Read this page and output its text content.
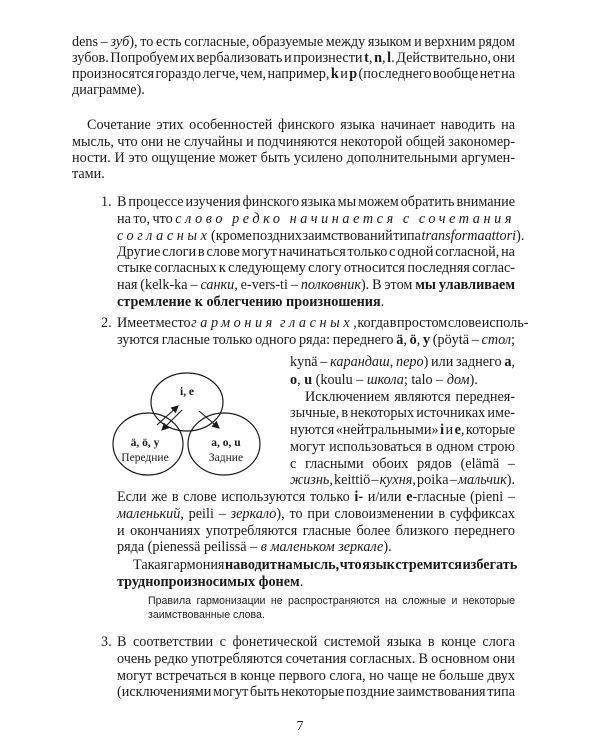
dens – зуб), то есть согласные, образуемые между языком и верхним рядом
зубов. Попробуем их вербализовать и произнести t, n, l. Действительно, они
произносятся гораздо легче, чем, например, k и p (последнего вообще нет на
диаграмме).
Сочетание этих особенностей финского языка начинает наводить на
мысль, что они не случайны и подчиняются некоторой общей закономер-
ности. И это ощущение может быть усилено дополнительными аргумен-
тами.
В процессе изучения финского языка мы можем обратить внимание
на то, что слово редко начинается с сочетания
согласных (кроме поздних заимствований типа transformaattori).
Другие слоги в слове могут начинаться только с одной согласной, на
стыке согласных к следующему слогу относится последняя соглас-
ная (kelk-ka – санки, e-vers-ti – полковник). В этом мы улавливаем
стремление к облегчению произношения.
Имеет место гармония гласных, когда в простом слове исполь-
зуются гласные только одного ряда: переднего ä, ö, y (pöytä – стол;
kynä – карандаш, перо) или заднего a,
o, u (koulu – школа; talo – дом).
Исключением являются переднея-
зычные, в некоторых источниках име-
нуются «нейтральными» i и e, которые
могут использоваться в одном строю
с гласными обоих рядов (elämä –
жизнь, keittiö – кухня, poika – мальчик).
Если же в слове используются только i- и/или e-гласные (pieni –
маленький, peili – зеркало), то при словоизменении в суффиксах
и окончаниях употребляются гласные более близкого переднего
ряда (pienessä peilissä – в маленьком зеркале).
Такая гармония наводит на мысль, что язык стремится избегать
труднопроизносимых фонем.
Правила гармонизации не распространяются на сложные и некоторые
заимствованные слова.
В соответствии с фонетической системой языка в конце слога
очень редко употребляются сочетания согласных. В основном они
могут встречаться в конце первого слога, но чаще не больше двух
(исключениями могут быть некоторые поздние заимствования типа
1.
2.
3.
i, e
ä, ö, y
Передние
a, o, u
Задние
7
